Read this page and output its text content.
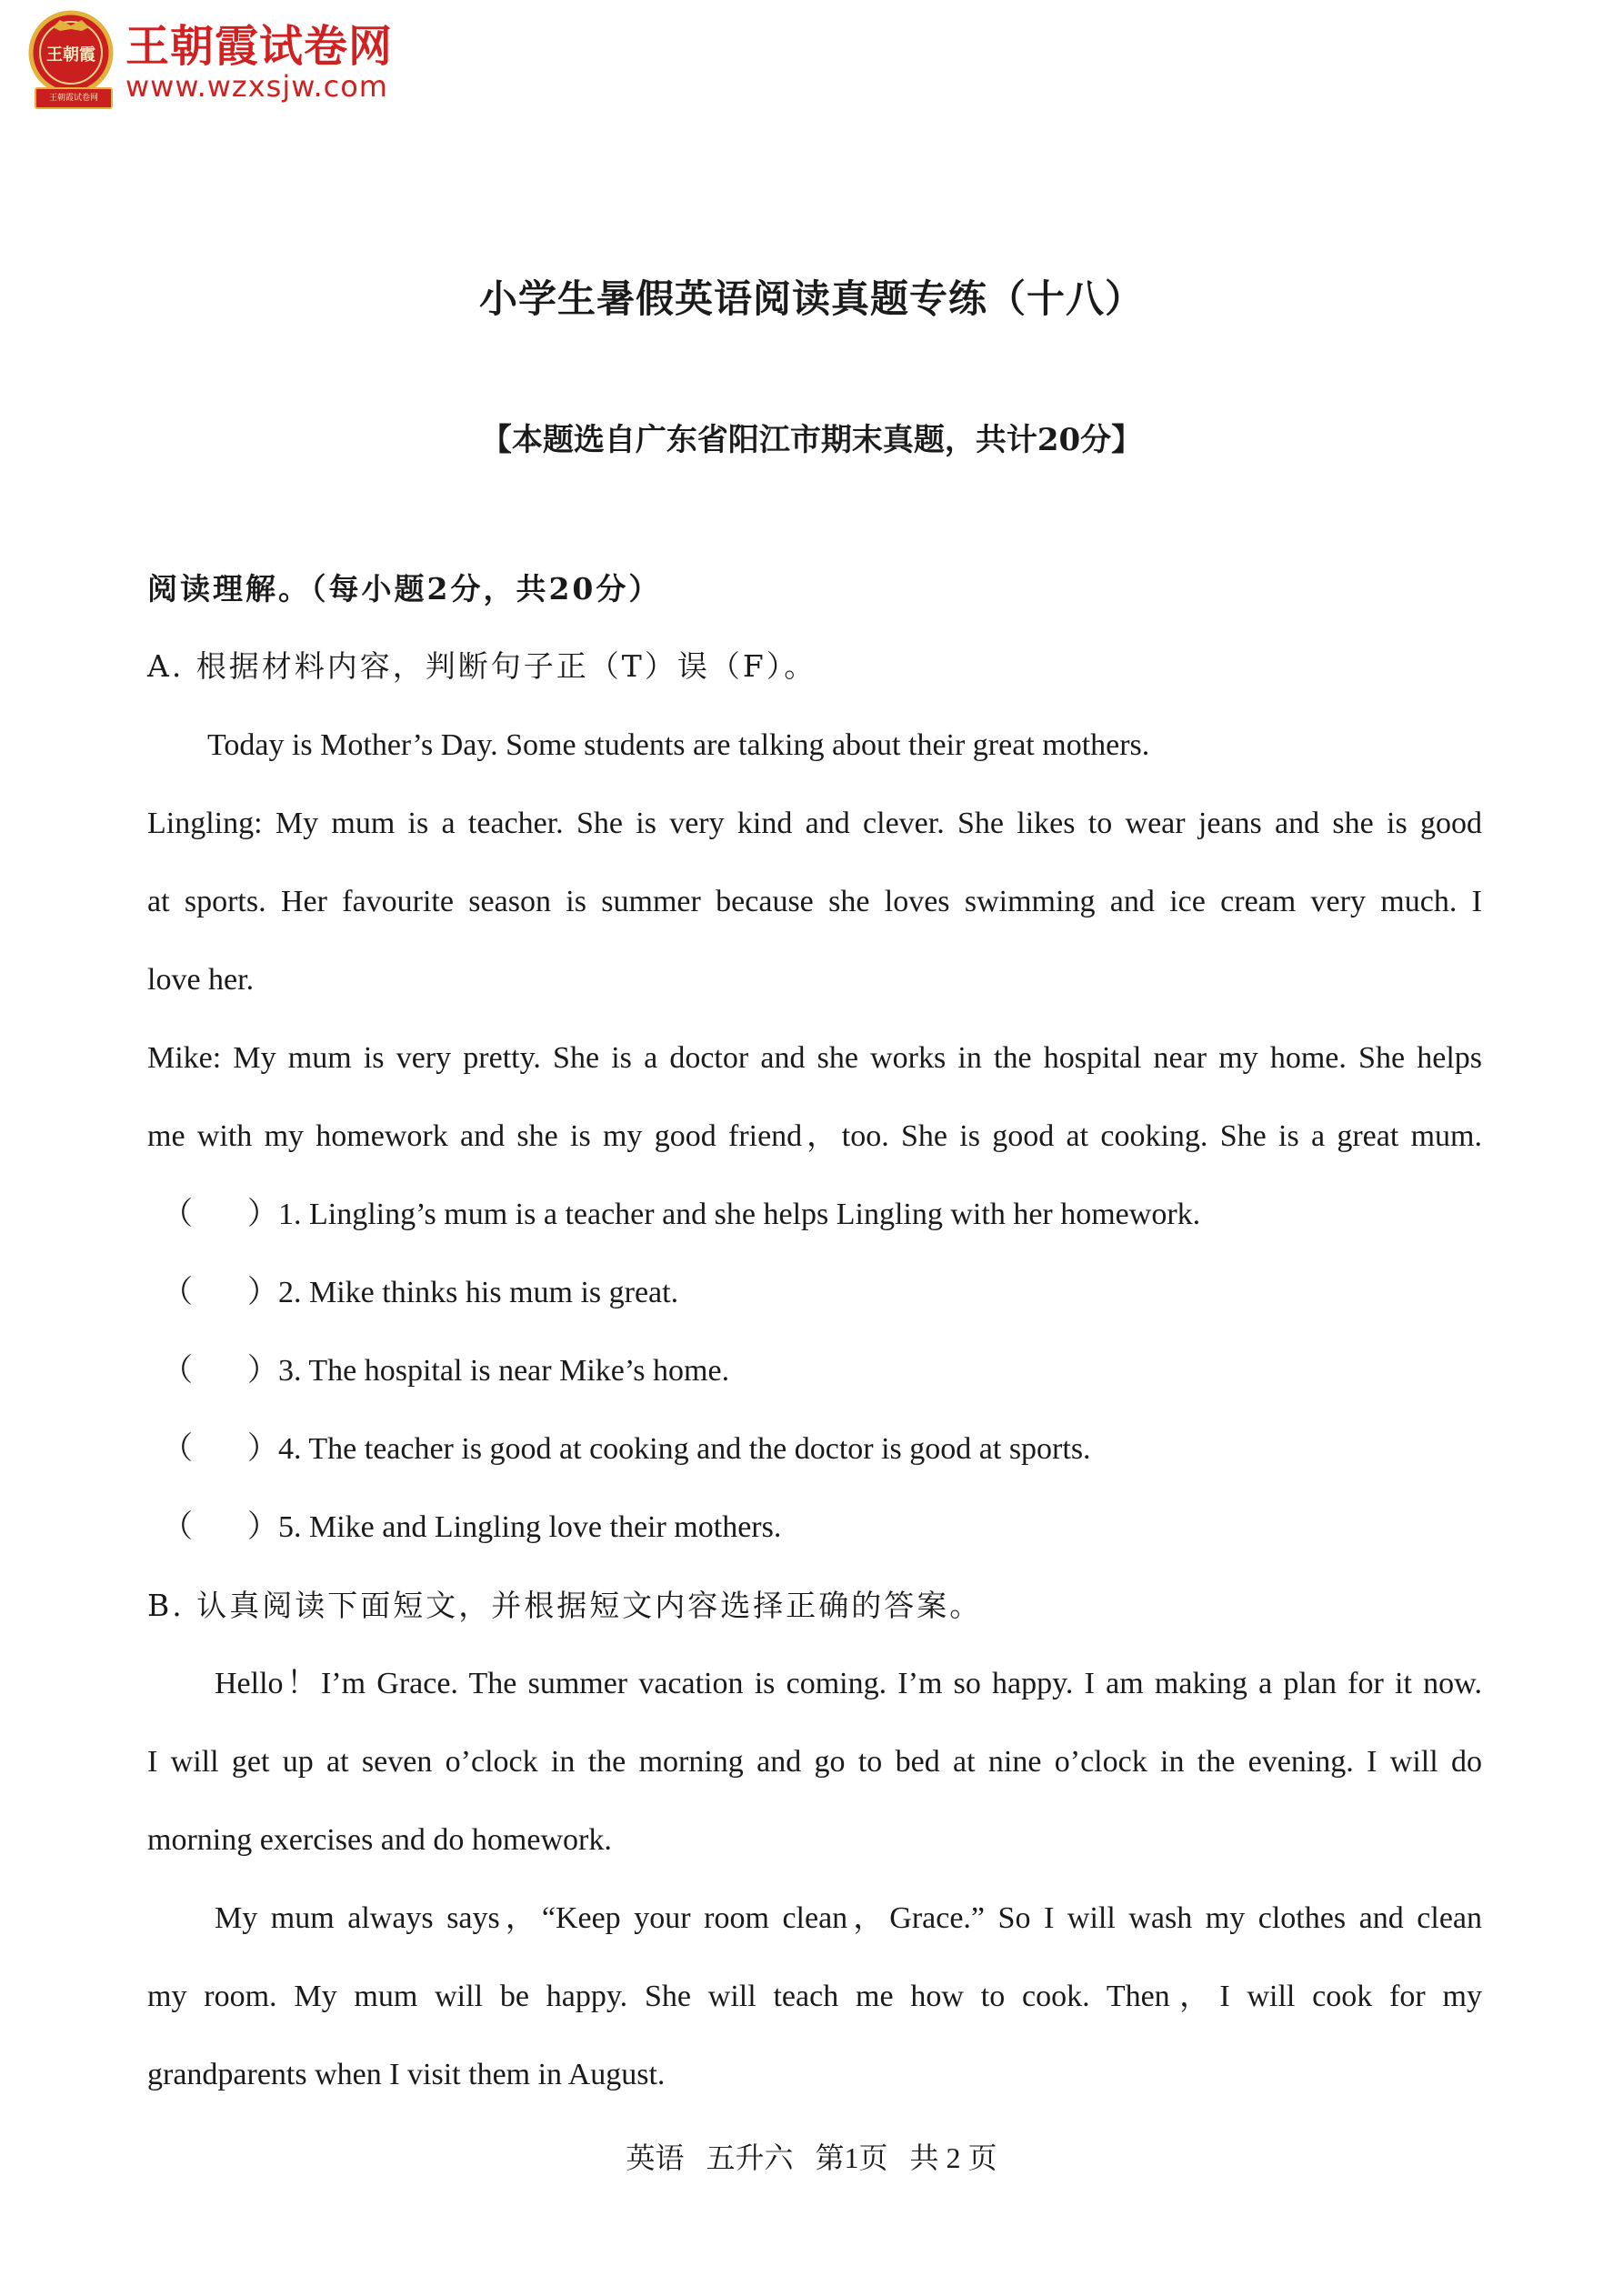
王朝霞
王朝霞试卷网
王朝霞试卷网
www.wzxsjw.com
小学生暑假英语阅读真题专练（十八）
【本题选自广东省阳江市期末真题，共计20分】
阅读理解。（每小题2分，共20分）
A. 根据材料内容，判断句子正（T）误（F）。
Today is Mother’s Day. Some students are talking about their great mothers.
Lingling: My mum is a teacher. She is very kind and clever. She likes to wear jeans and she is good
at sports. Her favourite season is summer because she loves swimming and ice cream very much. I
love her.
Mike: My mum is very pretty. She is a doctor and she works in the hospital near my home. She helps
me with my homework and she is my good friend，too. She is good at cooking. She is a great mum.
（ ）1. Lingling’s mum is a teacher and she helps Lingling with her homework.
（ ）2. Mike thinks his mum is great.
（ ）3. The hospital is near Mike’s home.
（ ）4. The teacher is good at cooking and the doctor is good at sports.
（ ）5. Mike and Lingling love their mothers.
B. 认真阅读下面短文，并根据短文内容选择正确的答案。
Hello！I’m Grace. The summer vacation is coming. I’m so happy. I am making a plan for it now.
I will get up at seven o’clock in the morning and go to bed at nine o’clock in the evening. I will do
morning exercises and do homework.
My mum always says，“Keep your room clean，Grace.” So I will wash my clothes and clean
my room. My mum will be happy. She will teach me how to cook. Then，I will cook for my
grandparents when I visit them in August.
英语   五升六   第1页   共 2 页
